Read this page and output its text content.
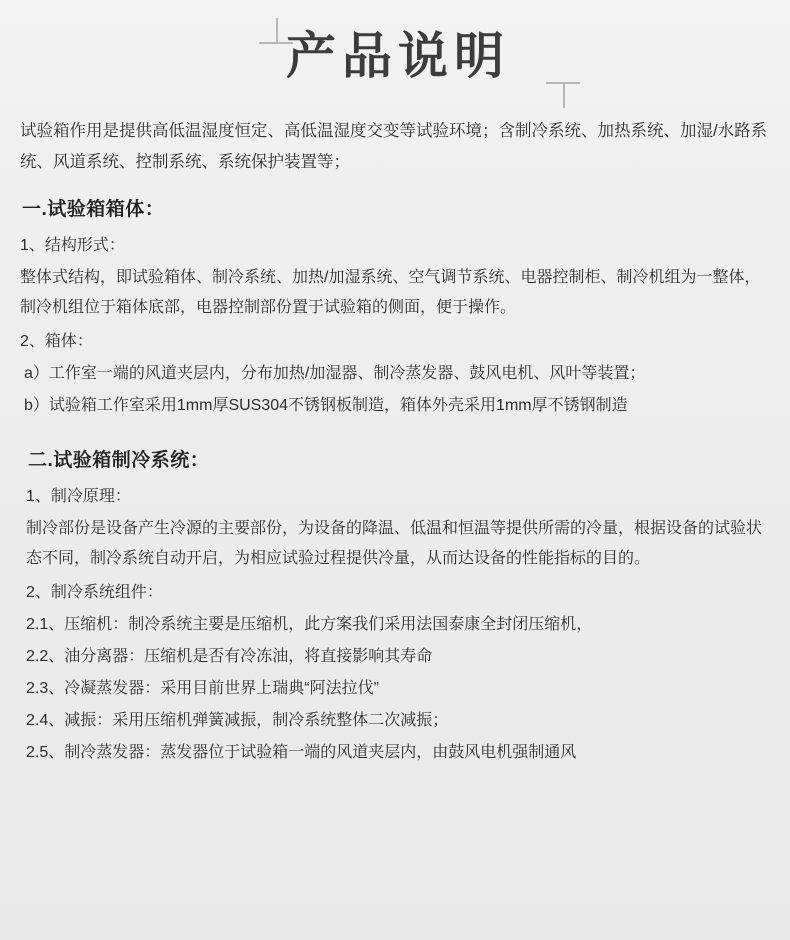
产品说明
试验箱作用是提供高低温湿度恒定、高低温湿度交变等试验环境；含制冷系统、加热系统、加湿/水路系统、风道系统、控制系统、系统保护装置等；
一.试验箱箱体：
1、结构形式：
整体式结构，即试验箱体、制冷系统、加热/加湿系统、空气调节系统、电器控制柜、制冷机组为一整体，制冷机组位于箱体底部，电器控制部份置于试验箱的侧面，便于操作。
2、箱体：
a）工作室一端的风道夹层内，分布加热/加湿器、制冷蒸发器、鼓风电机、风叶等装置；
b）试验箱工作室采用1mm厚SUS304不锈钢板制造，箱体外壳采用1mm厚不锈钢制造
二.试验箱制冷系统：
1、制冷原理：
制冷部份是设备产生冷源的主要部份，为设备的降温、低温和恒温等提供所需的冷量，根据设备的试验状态不同，制冷系统自动开启，为相应试验过程提供冷量，从而达设备的性能指标的目的。
2、制冷系统组件：
2.1、压缩机：制冷系统主要是压缩机，此方案我们采用法国泰康全封闭压缩机，
2.2、油分离器：压缩机是否有冷冻油，将直接影响其寿命
2.3、冷凝蒸发器：采用目前世界上瑞典“阿法拉伐”
2.4、减振：采用压缩机弹簧减振，制冷系统整体二次减振；
2.5、制冷蒸发器：蒸发器位于试验箱一端的风道夹层内，由鼓风电机强制通风
